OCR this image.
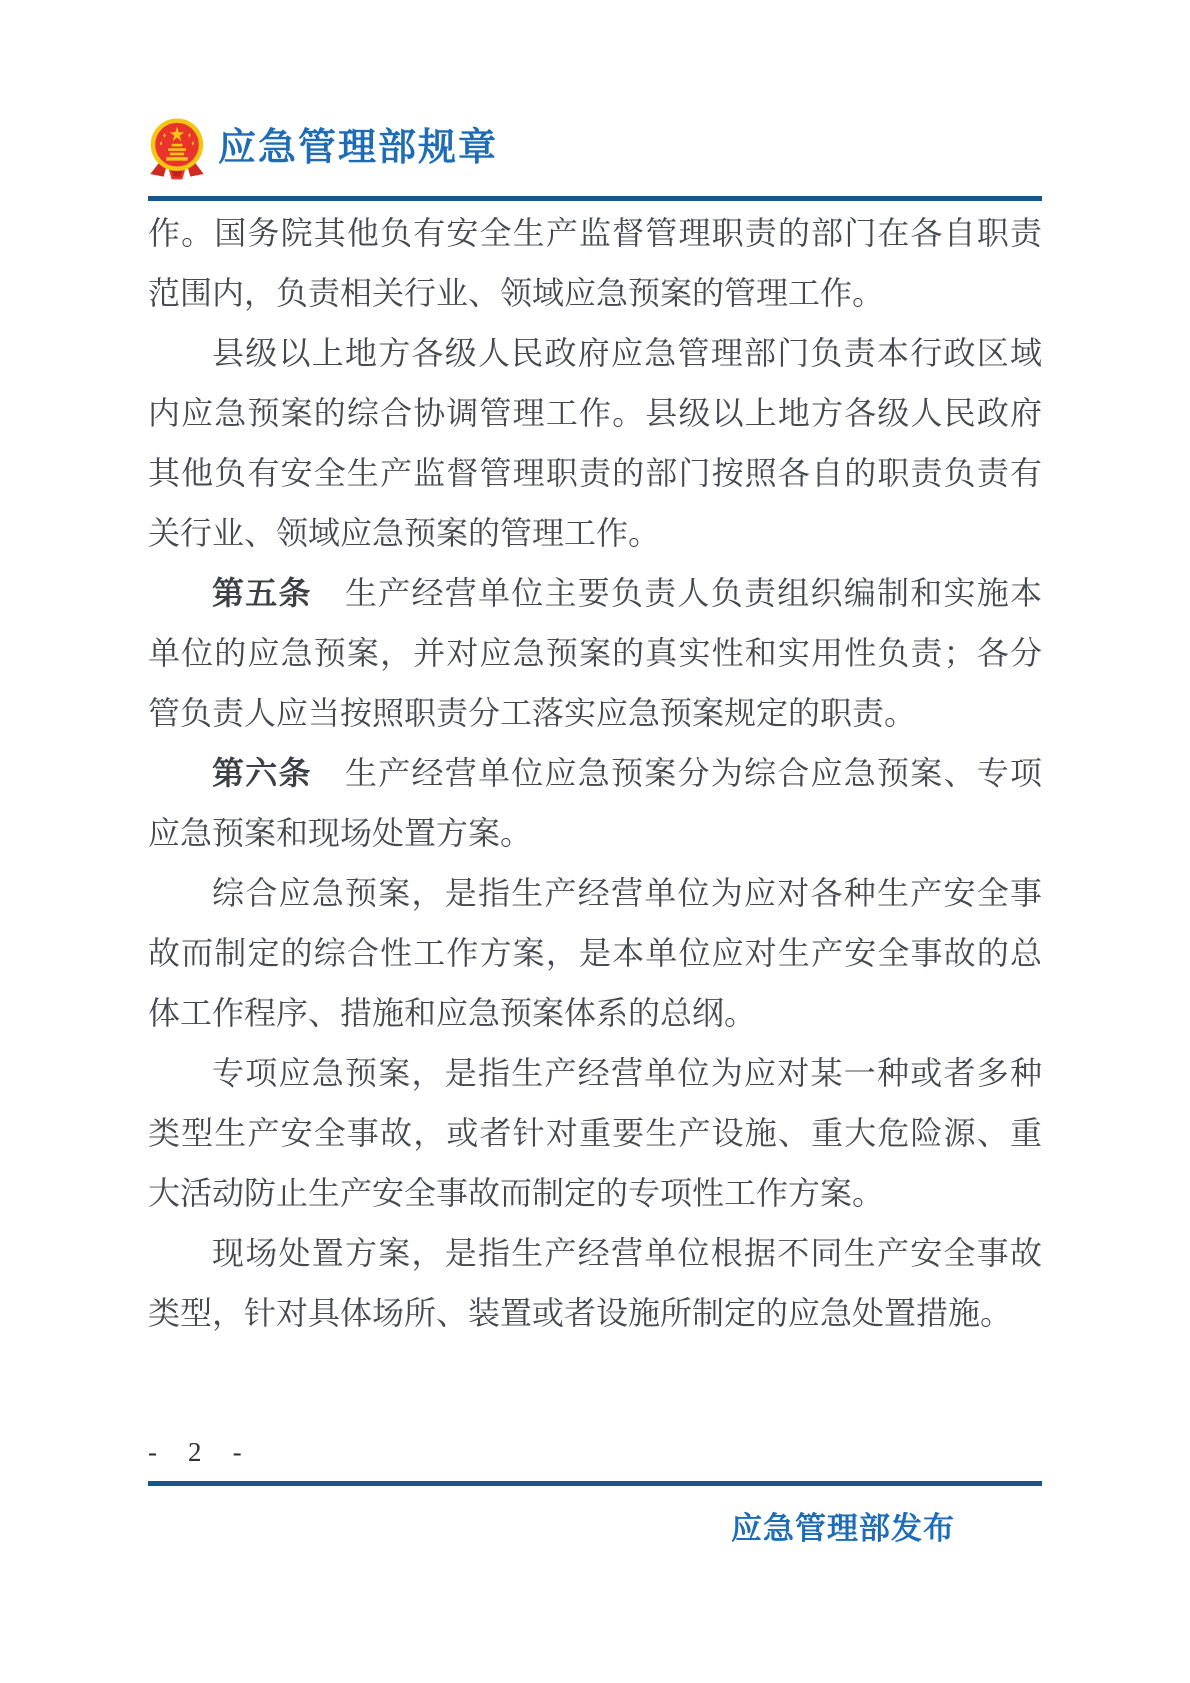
应急管理部规章

作。国务院其他负有安全生产监督管理职责的部门在各自职责范围内，负责相关行业、领域应急预案的管理工作。

县级以上地方各级人民政府应急管理部门负责本行政区域内应急预案的综合协调管理工作。县级以上地方各级人民政府其他负有安全生产监督管理职责的部门按照各自的职责负责有关行业、领域应急预案的管理工作。

第五条　生产经营单位主要负责人负责组织编制和实施本单位的应急预案，并对应急预案的真实性和实用性负责；各分管负责人应当按照职责分工落实应急预案规定的职责。

第六条　生产经营单位应急预案分为综合应急预案、专项应急预案和现场处置方案。

综合应急预案，是指生产经营单位为应对各种生产安全事故而制定的综合性工作方案，是本单位应对生产安全事故的总体工作程序、措施和应急预案体系的总纲。

专项应急预案，是指生产经营单位为应对某一种或者多种类型生产安全事故，或者针对重要生产设施、重大危险源、重大活动防止生产安全事故而制定的专项性工作方案。

现场处置方案，是指生产经营单位根据不同生产安全事故类型，针对具体场所、装置或者设施所制定的应急处置措施。

- 2 -
应急管理部发布
